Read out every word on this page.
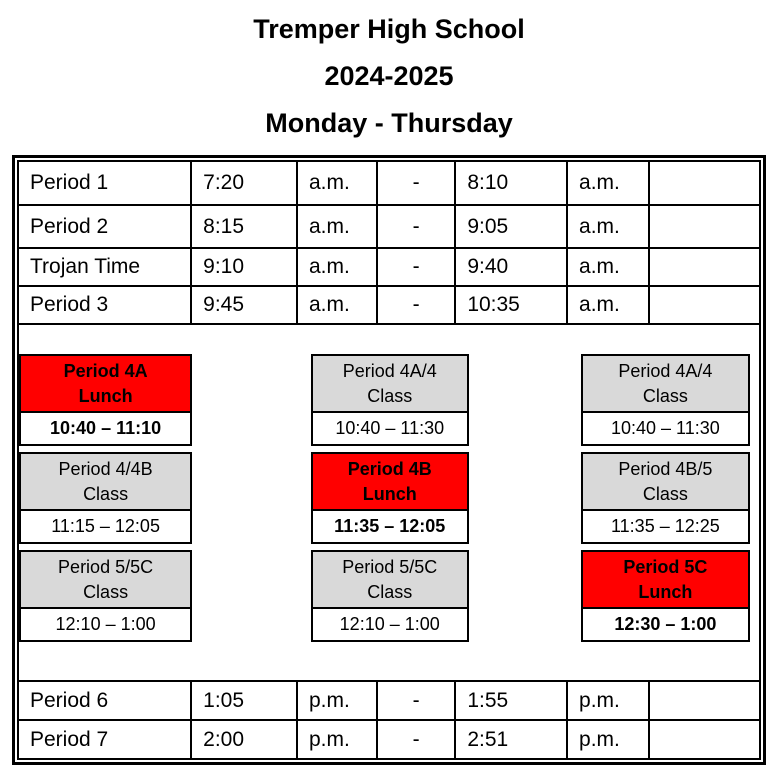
Tremper High School
2024-2025
Monday - Thursday
Period 1	7:20	a.m.	-	8:10	a.m.
Period 2	8:15	a.m.	-	9:05	a.m.
Trojan Time	9:10	a.m.	-	9:40	a.m.
Period 3	9:45	a.m.	-	10:35	a.m.
Period 4A
Lunch
10:40 – 11:10
Period 4/4B
Class
11:15 – 12:05
Period 5/5C
Class
12:10 – 1:00
Period 4A/4
Class
10:40 – 11:30
Period 4B
Lunch
11:35 – 12:05
Period 5/5C
Class
12:10 – 1:00
Period 4A/4
Class
10:40 – 11:30
Period 4B/5
Class
11:35 – 12:25
Period 5C
Lunch
12:30 – 1:00
Period 6	1:05	p.m.	-	1:55	p.m.
Period 7	2:00	p.m.	-	2:51	p.m.
